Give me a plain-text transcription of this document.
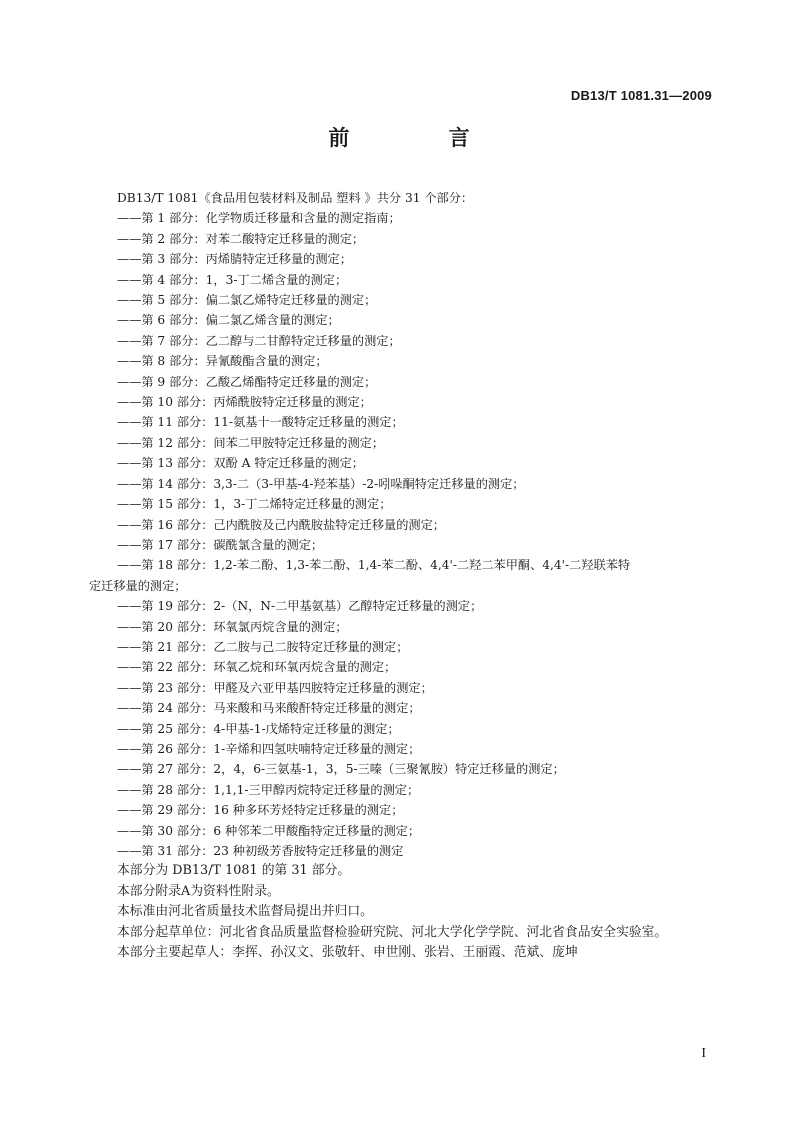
DB13/T 1081.31—2009
前 言
DB13/T 1081《食品用包装材料及制品 塑料 》共分 31 个部分：
——第 1 部分：化学物质迁移量和含量的测定指南；
——第 2 部分：对苯二酸特定迁移量的测定；
——第 3 部分：丙烯腈特定迁移量的测定；
——第 4 部分：1，3-丁二烯含量的测定；
——第 5 部分：偏二氯乙烯特定迁移量的测定；
——第 6 部分：偏二氯乙烯含量的测定；
——第 7 部分：乙二醇与二甘醇特定迁移量的测定；
——第 8 部分：异氰酸酯含量的测定；
——第 9 部分：乙酸乙烯酯特定迁移量的测定；
——第 10 部分：丙烯酰胺特定迁移量的测定；
——第 11 部分：11-氨基十一酸特定迁移量的测定；
——第 12 部分：间苯二甲胺特定迁移量的测定；
——第 13 部分：双酚 A 特定迁移量的测定；
——第 14 部分：3,3-二（3-甲基-4-羟苯基）-2-吲哚酮特定迁移量的测定；
——第 15 部分：1，3-丁二烯特定迁移量的测定；
——第 16 部分：己内酰胺及己内酰胺盐特定迁移量的测定；
——第 17 部分：碳酰氯含量的测定；
——第 18 部分：1,2-苯二酚、1,3-苯二酚、1,4-苯二酚、4,4'-二羟二苯甲酮、4,4'-二羟联苯特
定迁移量的测定；
——第 19 部分：2-（N，N-二甲基氨基）乙醇特定迁移量的测定；
——第 20 部分：环氧氯丙烷含量的测定；
——第 21 部分：乙二胺与己二胺特定迁移量的测定；
——第 22 部分：环氧乙烷和环氧丙烷含量的测定；
——第 23 部分：甲醛及六亚甲基四胺特定迁移量的测定；
——第 24 部分：马来酸和马来酸酐特定迁移量的测定；
——第 25 部分：4-甲基-1-戊烯特定迁移量的测定；
——第 26 部分：1-辛烯和四氢呋喃特定迁移量的测定；
——第 27 部分：2，4，6-三氨基-1，3，5-三嗪（三聚氰胺）特定迁移量的测定；
——第 28 部分：1,1,1-三甲醇丙烷特定迁移量的测定；
——第 29 部分：16 种多环芳烃特定迁移量的测定；
——第 30 部分：6 种邻苯二甲酸酯特定迁移量的测定；
——第 31 部分：23 种初级芳香胺特定迁移量的测定
本部分为 DB13/T 1081 的第 31 部分。
本部分附录A为资料性附录。
本标准由河北省质量技术监督局提出并归口。
本部分起草单位：河北省食品质量监督检验研究院、河北大学化学学院、河北省食品安全实验室。
本部分主要起草人：李挥、孙汉文、张敬轩、申世刚、张岩、王丽霞、范斌、庞坤
I
